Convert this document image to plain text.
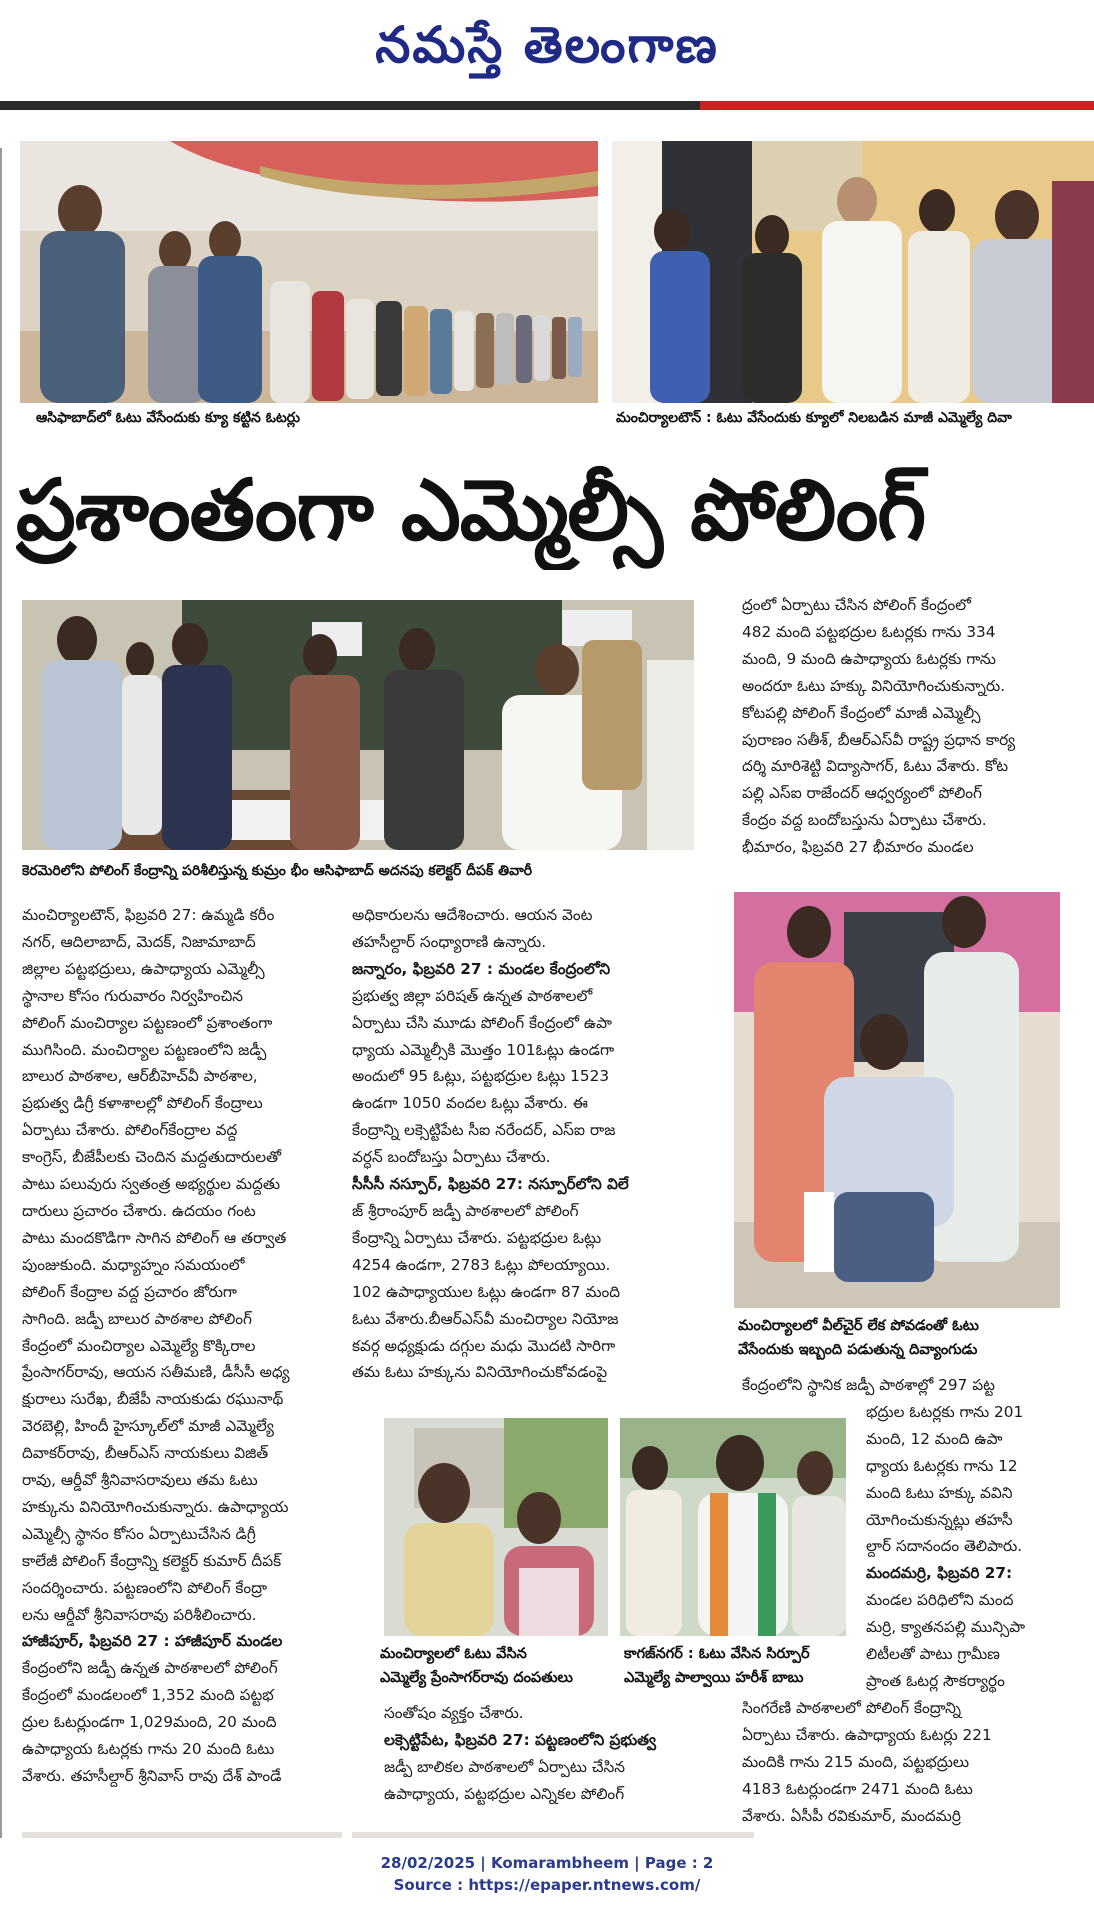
నమస్తే తెలంగాణ
ఆసిఫాబాద్‌లో ఓటు వేసేందుకు క్యూ కట్టిన ఓటర్లు	మంచిర్యాలటౌన్ : ఓటు వేసేందుకు క్యూలో నిలబడిన మాజీ ఎమ్మెల్యే దివా
ప్రశాంతంగా ఎమ్మెల్సీ పోలింగ్
కెరమెరిలోని పోలింగ్ కేంద్రాన్ని పరిశీలిస్తున్న కుమ్రం భీం ఆసిఫాబాద్ అదనపు కలెక్టర్ దీపక్ తివారీ

ద్రంలో ఏర్పాటు చేసిన పోలింగ్ కేంద్రంలో

482 మంది పట్టభద్రుల ఓటర్లకు గాను 334

మంది, 9 మంది ఉపాధ్యాయ ఓటర్లకు గాను

అందరూ ఓటు హక్కు వినియోగించుకున్నారు.

కోటపల్లి పోలింగ్ కేంద్రంలో మాజీ ఎమ్మెల్సీ

పురాణం సతీశ్, బీఆర్‌ఎస్‌వీ రాష్ట్ర ప్రధాన కార్య

దర్శి మారిశెట్టి విద్యాసాగర్, ఓటు వేశారు. కోట

పల్లి ఎస్‌ఐ రాజేందర్ ఆధ్వర్యంలో పోలింగ్

కేంద్రం వద్ద బందోబస్తును ఏర్పాటు చేశారు.

భీమారం, ఫిబ్రవరి 27 భీమారం మండల

మంచిర్యాలటౌన్, ఫిబ్రవరి 27: ఉమ్మడి కరీం

నగర్, ఆదిలాబాద్, మెదక్, నిజామాబాద్

జిల్లాల పట్టభద్రులు, ఉపాధ్యాయ ఎమ్మెల్సీ

స్థానాల కోసం గురువారం నిర్వహించిన

పోలింగ్ మంచిర్యాల పట్టణంలో ప్రశాంతంగా

ముగిసింది. మంచిర్యాల పట్టణంలోని జడ్పీ

బాలుర పాఠశాల, ఆర్‌బీహెచ్‌వీ పాఠశాల,

ప్రభుత్వ డిగ్రీ కళాశాలల్లో పోలింగ్ కేంద్రాలు

ఏర్పాటు చేశారు. పోలింగ్‌కేంద్రాల వద్ద

కాంగ్రెస్, బీజేపీలకు చెందిన మద్దతుదారులతో

పాటు పలువురు స్వతంత్ర అభ్యర్థుల మద్దతు

దారులు ప్రచారం చేశారు. ఉదయం గంట

పాటు మందకొడిగా సాగిన పోలింగ్ ఆ తర్వాత

పుంజుకుంది. మధ్యాహ్నం సమయంలో

పోలింగ్ కేంద్రాల వద్ద ప్రచారం జోరుగా

సాగింది. జడ్పీ బాలుర పాఠశాల పోలింగ్

కేంద్రంలో మంచిర్యాల ఎమ్మెల్యే కొక్కిరాల

ప్రేంసాగర్‌రావు, ఆయన సతీమణి, డీసీసీ అధ్య

క్షురాలు సురేఖ, బీజేపీ నాయకుడు రఘునాథ్

వెరబెల్లి, హిందీ హైస్కూల్‌లో మాజీ ఎమ్మెల్యే

దివాకర్‌రావు, బీఆర్‌ఎస్ నాయకులు విజిత్

రావు, ఆర్డీవో శ్రీనివాసరావులు తమ ఓటు

హక్కును వినియోగించుకున్నారు. ఉపాధ్యాయ

ఎమ్మెల్సీ స్థానం కోసం ఏర్పాటుచేసిన డిగ్రీ

కాలేజీ పోలింగ్ కేంద్రాన్ని కలెక్టర్ కుమార్ దీపక్

సందర్శించారు. పట్టణంలోని పోలింగ్ కేంద్రా

లను ఆర్డీవో శ్రీనివాసరావు పరిశీలించారు.

హాజీపూర్, ఫిబ్రవరి 27 : హాజీపూర్ మండల

కేంద్రంలోని జడ్పీ ఉన్నత పాఠశాలలో పోలింగ్

కేంద్రంలో మండలంలో 1,352 మంది పట్టభ

ద్రుల ఓటర్లుండగా 1,029మంది, 20 మంది

ఉపాధ్యాయ ఓటర్లకు గాను 20 మంది ఓటు

వేశారు. తహసీల్దార్ శ్రీనివాస్ రావు దేశ్ పాండే

అధికారులను ఆదేశించారు. ఆయన వెంట

తహసీల్దార్ సంధ్యారాణి ఉన్నారు.

జన్నారం, ఫిబ్రవరి 27 : మండల కేంద్రంలోని

ప్రభుత్వ జిల్లా పరిషత్ ఉన్నత పాఠశాలలో

ఏర్పాటు చేసి మూడు పోలింగ్ కేంద్రంలో ఉపా

ధ్యాయ ఎమ్మెల్సీకి మొత్తం 101ఓట్లు ఉండగా

అందులో 95 ఓట్లు, పట్టభద్రుల ఓట్లు 1523

ఉండగా 1050 వందల ఓట్లు వేశారు. ఈ

కేంద్రాన్ని లక్సెట్టిపేట సీఐ నరేందర్, ఎస్‌ఐ రాజ

వర్ధన్ బందోబస్తు ఏర్పాటు చేశారు.

సీసీసీ నస్పూర్, ఫిబ్రవరి 27: నస్పూర్‌లోని విలే

జ్ శ్రీరాంపూర్ జడ్పీ పాఠశాలలో పోలింగ్

కేంద్రాన్ని ఏర్పాటు చేశారు. పట్టభద్రుల ఓట్లు

4254 ఉండగా, 2783 ఓట్లు పోలయ్యాయి.

102 ఉపాధ్యాయుల ఓట్లు ఉండగా 87 మంది

ఓటు వేశారు.బీఆర్‌ఎస్‌వీ మంచిర్యాల నియోజ

కవర్గ అధ్యక్షుడు దగ్గుల మధు మొదటి సారిగా

తమ ఓటు హక్కును వినియోగించుకోవడంపై

మంచిర్యాలలో వీల్‌చైర్ లేక పోవడంతో ఓటు
వేసేందుకు ఇబ్బంది పడుతున్న దివ్యాంగుడు

కేంద్రంలోని స్థానిక జడ్పీ పాఠశాల్లో 297 పట్ట

భద్రుల ఓటర్లకు గాను 201

మంది, 12 మంది ఉపా

ధ్యాయ ఓటర్లకు గాను 12

మంది ఓటు హక్కు వవిని

యోగించుకున్నట్లు తహసీ

ల్దార్ సదానందం తెలిపారు.

మందమర్రి, ఫిబ్రవరి 27:

మండల పరిధిలోని మంద

మర్రి, క్యాతనపల్లి మున్సిపా

లిటీలతో పాటు గ్రామీణ

ప్రాంత ఓటర్ల సౌకర్యార్థం

సింగరేణి పాఠశాలలో పోలింగ్ కేంద్రాన్ని

ఏర్పాటు చేశారు. ఉపాధ్యాయ ఓటర్లు 221

మందికి గాను 215 మంది, పట్టభద్రులు

4183 ఓటర్లుండగా 2471 మంది ఓటు

వేశారు. ఏసీపీ రవికుమార్, మందమర్రి

మంచిర్యాలలో ఓటు వేసిన
ఎమ్మెల్యే ప్రేంసాగర్‌రావు దంపతులు
కాగజ్‌నగర్ : ఓటు వేసిన సిర్పూర్
ఎమ్మెల్యే పాల్వాయి హరీశ్ బాబు

సంతోషం వ్యక్తం చేశారు.

లక్సెట్టిపేట, ఫిబ్రవరి 27: పట్టణంలోని ప్రభుత్వ

జడ్పీ బాలికల పాఠశాలలో ఏర్పాటు చేసిన

ఉపాధ్యాయ, పట్టభద్రుల ఎన్నికల పోలింగ్

28/02/2025 | Komarambheem | Page : 2
Source : https://epaper.ntnews.com/
